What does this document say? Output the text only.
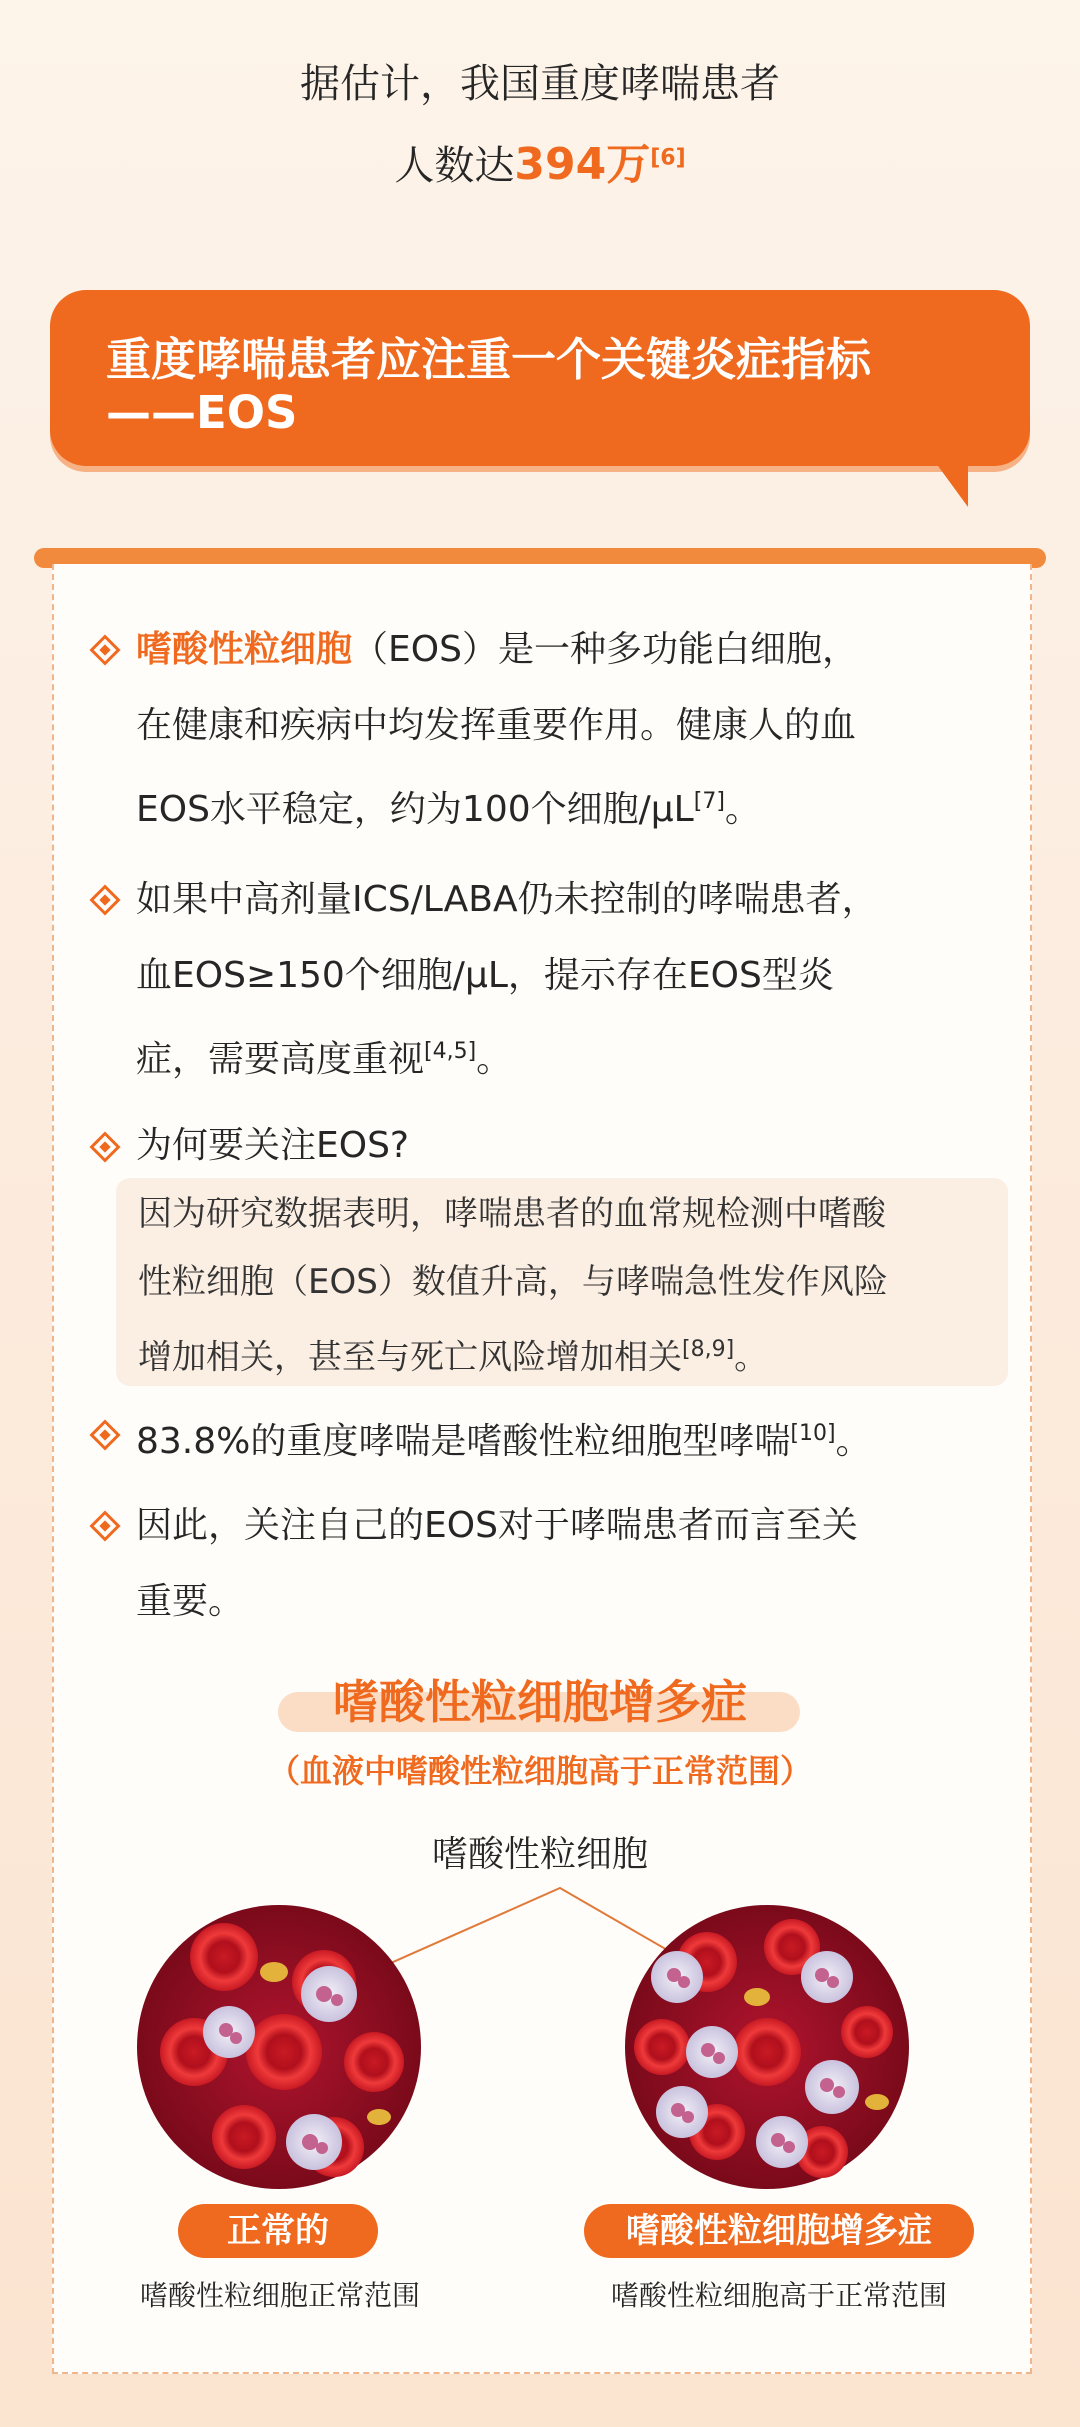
据估计，我国重度哮喘患者
人数达394万[6]
重度哮喘患者应注重一个关键炎症指标
——EOS
嗜酸性粒细胞（EOS）是一种多功能白细胞，
在健康和疾病中均发挥重要作用。健康人的血
EOS水平稳定，约为100个细胞/μL[7]。
如果中高剂量ICS/LABA仍未控制的哮喘患者，
血EOS≥150个细胞/μL，提示存在EOS型炎
症，需要高度重视[4,5]。
为何要关注EOS?
因为研究数据表明，哮喘患者的血常规检测中嗜酸
性粒细胞（EOS）数值升高，与哮喘急性发作风险
增加相关，甚至与死亡风险增加相关[8,9]。
83.8%的重度哮喘是嗜酸性粒细胞型哮喘[10]。
因此，关注自己的EOS对于哮喘患者而言至关
重要。
嗜酸性粒细胞增多症
（血液中嗜酸性粒细胞高于正常范围）
嗜酸性粒细胞
正常的
嗜酸性粒细胞正常范围
嗜酸性粒细胞增多症
嗜酸性粒细胞高于正常范围
